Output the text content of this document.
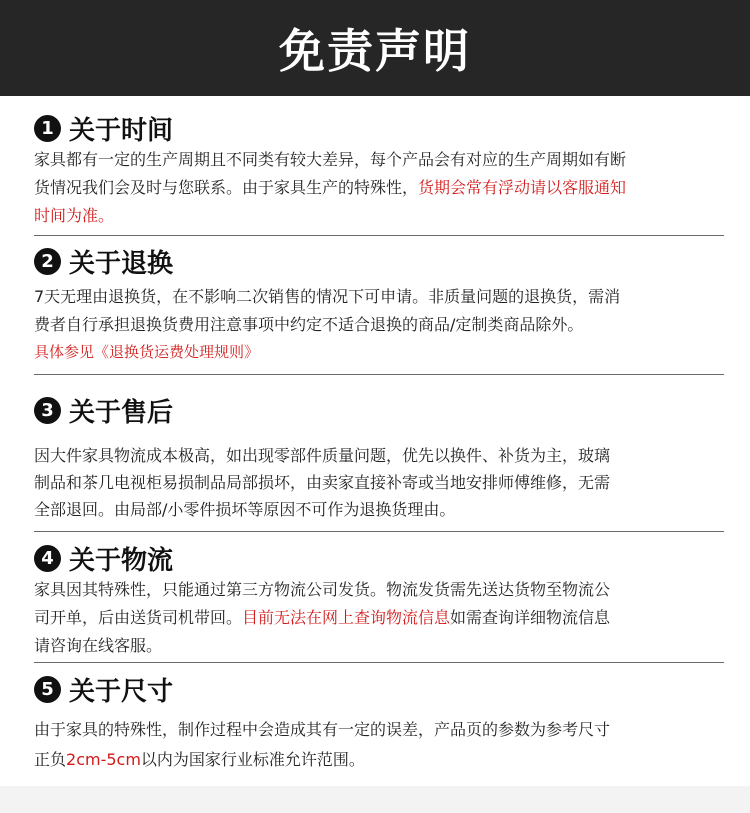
免责声明
1 关于时间

家具都有一定的生产周期且不同类有较大差异，每个产品会有对应的生产周期如有断
货情况我们会及时与您联系。由于家具生产的特殊性，货期会常有浮动请以客服通知
时间为准。

2 关于退换

7天无理由退换货，在不影响二次销售的情况下可申请。非质量问题的退换货，需消
费者自行承担退换货费用注意事项中约定不适合退换的商品/定制类商品除外。

具体参见《退换货运费处理规则》

3 关于售后

因大件家具物流成本极高，如出现零部件质量问题，优先以换件、补货为主，玻璃
制品和茶几电视柜易损制品局部损坏，由卖家直接补寄或当地安排师傅维修，无需
全部退回。由局部/小零件损坏等原因不可作为退换货理由。

4 关于物流

家具因其特殊性，只能通过第三方物流公司发货。物流发货需先送达货物至物流公
司开单，后由送货司机带回。目前无法在网上查询物流信息如需查询详细物流信息
请咨询在线客服。

5 关于尺寸

由于家具的特殊性，制作过程中会造成其有一定的误差，产品页的参数为参考尺寸
正负2cm-5cm以内为国家行业标准允许范围。
